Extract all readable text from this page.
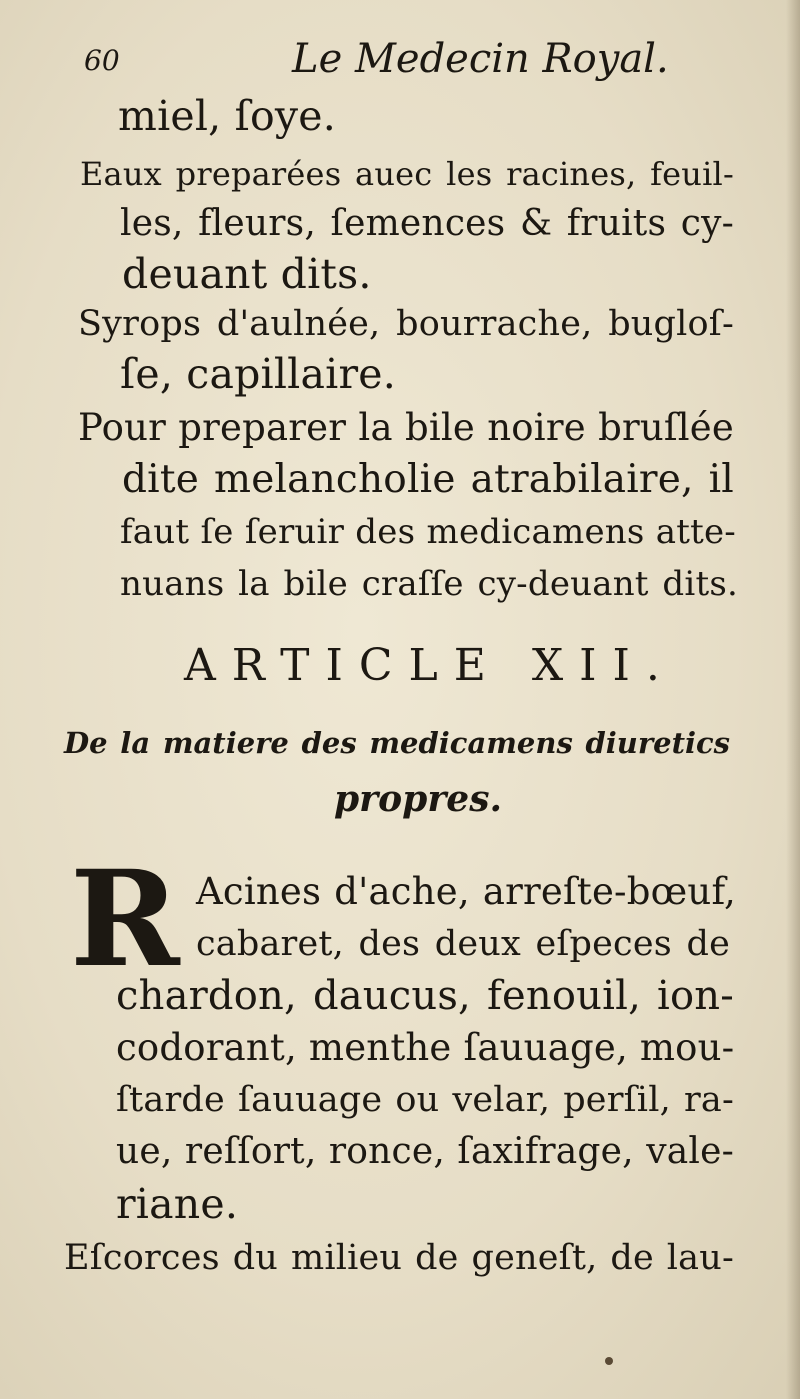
60	Le Medecin Royal.
miel, ſoye.
Eaux preparées auec les racines, feuil-
les, fleurs, ſemences & fruits cy-
deuant dits.
Syrops d'aulnée, bourrache, bugloſ-
ſe, capillaire.
Pour preparer la bile noire bruſlée
dite melancholie atrabilaire, il
faut ſe ſeruir des medicamens atte-
nuans la bile craſſe cy-deuant dits.
ARTICLE XII.
De la matiere des medicamens diuretics
propres.
R Acines d'ache, arreſte-bœuf,
cabaret, des deux eſpeces de
chardon, daucus, fenouil, ion-
codorant, menthe ſauuage, mou-
ſtarde ſauuage ou velar, perſil, ra-
ue, reſſort, ronce, ſaxifrage, vale-
riane.
Eſcorces du milieu de geneſt, de lau-
